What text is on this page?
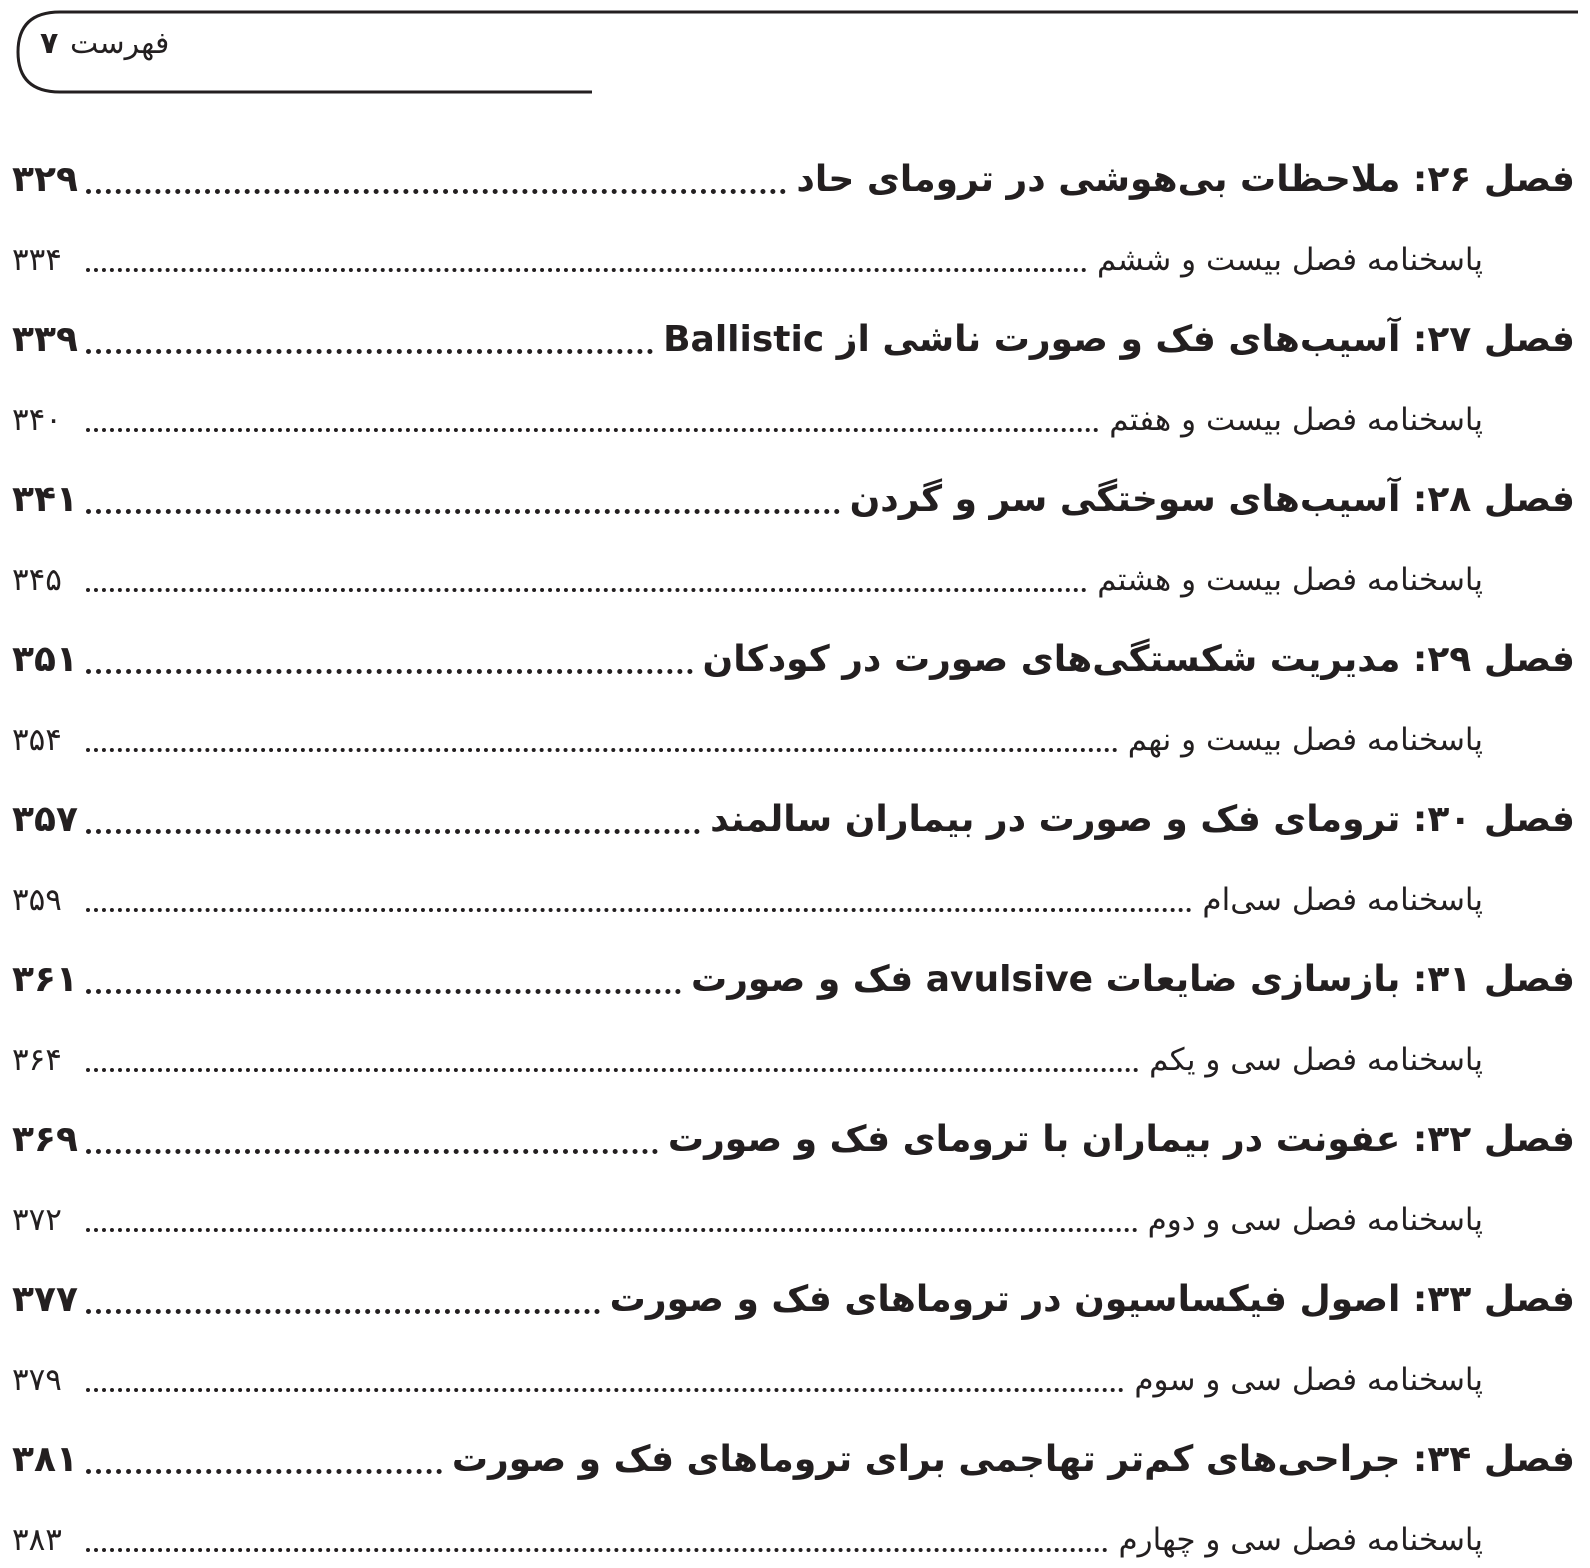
۷ فهرست
فصل ۲۶: ملاحظات بی‌هوشی در ترومای حاد
۳۲۹
پاسخنامه فصل بیست و ششم
۳۳۴
فصل ۲۷: آسیب‌های فک و صورت ناشی از Ballistic
۳۳۹
پاسخنامه فصل بیست و هفتم
۳۴۰
فصل ۲۸: آسیب‌های سوختگی سر و گردن
۳۴۱
پاسخنامه فصل بیست و هشتم
۳۴۵
فصل ۲۹: مدیریت شکستگی‌های صورت در کودکان
۳۵۱
پاسخنامه فصل بیست و نهم
۳۵۴
فصل ۳۰: ترومای فک و صورت در بیماران سالمند
۳۵۷
پاسخنامه فصل سی‌ام
۳۵۹
فصل ۳۱: بازسازی ضایعات avulsive فک و صورت
۳۶۱
پاسخنامه فصل سی و یکم
۳۶۴
فصل ۳۲: عفونت در بیماران با ترومای فک و صورت
۳۶۹
پاسخنامه فصل سی و دوم
۳۷۲
فصل ۳۳: اصول فیکساسیون در تروماهای فک و صورت
۳۷۷
پاسخنامه فصل سی و سوم
۳۷۹
فصل ۳۴: جراحی‌های کم‌تر تهاجمی برای تروماهای فک و صورت
۳۸۱
پاسخنامه فصل سی و چهارم
۳۸۳
